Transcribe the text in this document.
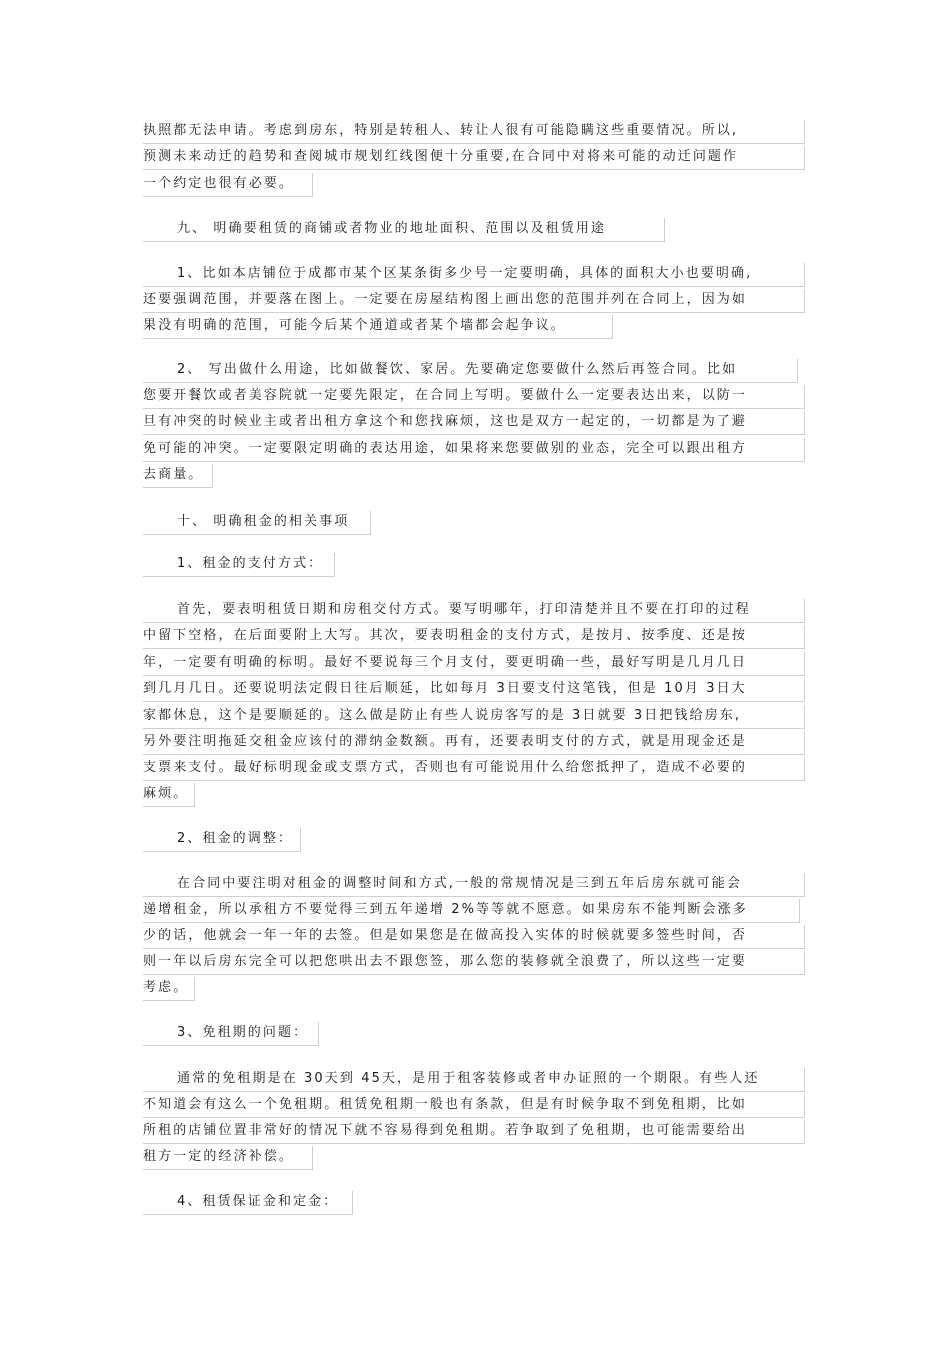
执照都无法申请。考虑到房东，特别是转租人、转让人很有可能隐瞒这些重要情况。所以,
预测未来动迁的趋势和查阅城市规划红线图便十分重要,在合同中对将来可能的动迁问题作
一个约定也很有必要。
九、 明确要租赁的商铺或者物业的地址面积、范围以及租赁用途
1、比如本店铺位于成都市某个区某条街多少号一定要明确，具体的面积大小也要明确,
还要强调范围，并要落在图上。一定要在房屋结构图上画出您的范围并列在合同上，因为如
果没有明确的范围，可能今后某个通道或者某个墙都会起争议。
2、 写出做什么用途，比如做餐饮、家居。先要确定您要做什么然后再签合同。比如
您要开餐饮或者美容院就一定要先限定，在合同上写明。要做什么一定要表达出来，以防一
旦有冲突的时候业主或者出租方拿这个和您找麻烦，这也是双方一起定的，一切都是为了避
免可能的冲突。一定要限定明确的表达用途，如果将来您要做别的业态，完全可以跟出租方
去商量。
十、 明确租金的相关事项
1、租金的支付方式：
首先，要表明租赁日期和房租交付方式。要写明哪年，打印清楚并且不要在打印的过程
中留下空格，在后面要附上大写。其次，要表明租金的支付方式，是按月、按季度、还是按
年，一定要有明确的标明。最好不要说每三个月支付，要更明确一些，最好写明是几月几日
到几月几日。还要说明法定假日往后顺延，比如每月 3日要支付这笔钱，但是 10月 3日大
家都休息，这个是要顺延的。这么做是防止有些人说房客写的是 3日就要 3日把钱给房东,
另外要注明拖延交租金应该付的滞纳金数额。再有，还要表明支付的方式，就是用现金还是
支票来支付。最好标明现金或支票方式，否则也有可能说用什么给您抵押了，造成不必要的
麻烦。
2、租金的调整：
在合同中要注明对租金的调整时间和方式,一般的常规情况是三到五年后房东就可能会
递增租金，所以承租方不要觉得三到五年递增 2%等等就不愿意。如果房东不能判断会涨多
少的话，他就会一年一年的去签。但是如果您是在做高投入实体的时候就要多签些时间，否
则一年以后房东完全可以把您哄出去不跟您签，那么您的装修就全浪费了，所以这些一定要
考虑。
3、免租期的问题：
通常的免租期是在 30天到 45天，是用于租客装修或者申办证照的一个期限。有些人还
不知道会有这么一个免租期。租赁免租期一般也有条款，但是有时候争取不到免租期，比如
所租的店铺位置非常好的情况下就不容易得到免租期。若争取到了免租期，也可能需要给出
租方一定的经济补偿。
4、租赁保证金和定金：
